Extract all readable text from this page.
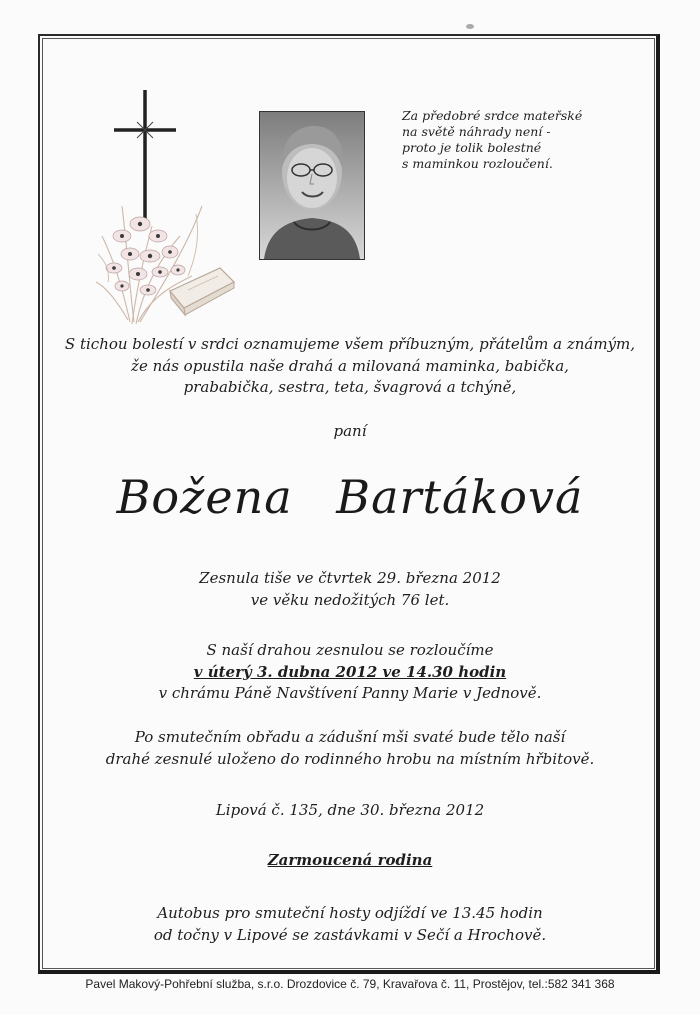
Za předobré srdce mateřské
na světě náhrady není -
proto je tolik bolestné
s maminkou rozloučení.
S tichou bolestí v srdci oznamujeme všem příbuzným, přátelům a známým,
že nás opustila naše drahá a milovaná maminka, babička,
prababička, sestra, teta, švagrová a tchýně,
paní
Božena Bartáková
Zesnula tiše ve čtvrtek 29. března 2012
ve věku nedožitých 76 let.
S naší drahou zesnulou se rozloučíme
v úterý 3. dubna 2012 ve 14.30 hodin
v chrámu Páně Navštívení Panny Marie v Jednově.
Po smutečním obřadu a zádušní mši svaté bude tělo naší
drahé zesnulé uloženo do rodinného hrobu na místním hřbitově.
Lipová č. 135, dne 30. března 2012
Zarmoucená rodina
Autobus pro smuteční hosty odjíždí ve 13.45 hodin
od točny v Lipové se zastávkami v Sečí a Hrochově.
Pavel Makový-Pohřební služba, s.r.o. Drozdovice č. 79, Kravařova č. 11, Prostějov, tel.:582 341 368
